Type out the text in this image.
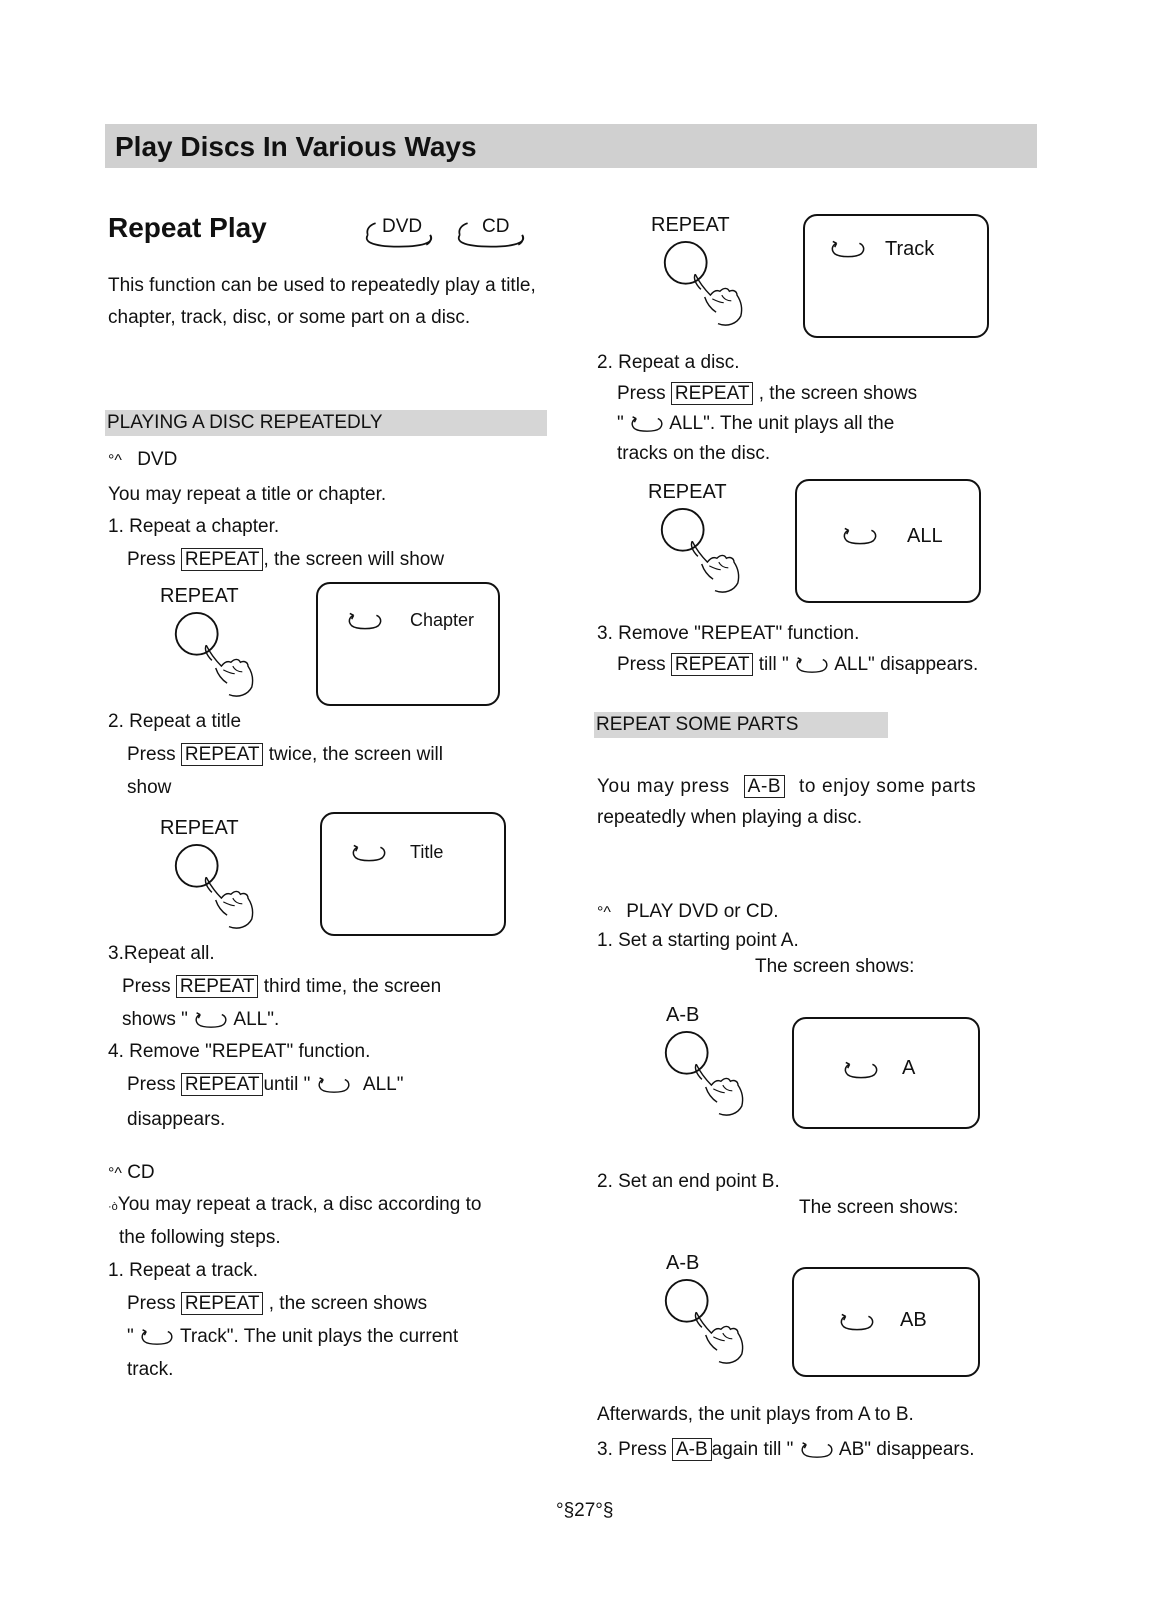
Play Discs In Various Ways
Repeat Play	DVD	CD
This function can be used to repeatedly play a title,
chapter, track, disc, or some part on a disc.
PLAYING A DISC REPEATEDLY
°^ DVD
You may repeat a title or chapter.
1. Repeat a chapter.
Press REPEAT , the screen will show
REPEAT
Chapter
2. Repeat a title
Press REPEAT twice, the screen will
show
REPEAT
Title
3.Repeat all.
Press REPEAT third time, the screen
shows " ALL".
4. Remove "REPEAT" function.
Press REPEAT until "	ALL"
disappears.
°^ CD
·òYou may repeat a track, a disc according to
the following steps.
1. Repeat a track.
Press REPEAT , the screen shows
" Track". The unit plays the current
track.
REPEAT
Track
2. Repeat a disc.
Press REPEAT , the screen shows
" ALL". The unit plays all the
tracks on the disc.
REPEAT
ALL
3. Remove "REPEAT" function.
Press REPEAT till " ALL" disappears.
REPEAT SOME PARTS
You may press A-B to enjoy some parts
repeatedly when playing a disc.
°^ PLAY DVD or CD.
1. Set a starting point A.
The screen shows:
A-B
A
2. Set an end point B.
The screen shows:
A-B
AB
Afterwards, the unit plays from A to B.
3. Press A-B again till " AB" disappears.
°§27°§
